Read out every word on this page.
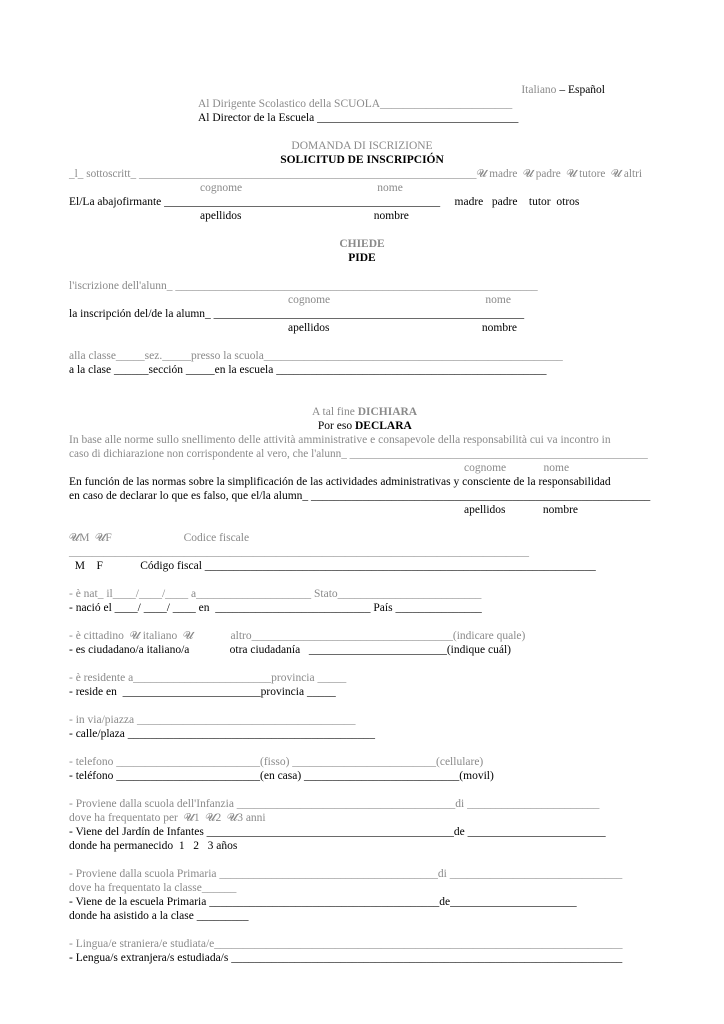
Italiano – Español

Al Dirigente Scolastico della SCUOLA_______________________
Al Director de la Escuela ___________________________________
DOMANDA DI ISCRIZIONE
SOLICITUD DE INSCRIPCIÓN
_l_ sottoscritt_ ____________________________________________________________𝓤 madre  𝓤 padre  𝓤 tutore  𝓤 altri
cognome                                               nome
El/La abajofirmante ________________________________________________     madre   padre    tutor  otros
apellidos                                              nombre
CHIEDE
PIDE
l'iscrizione dell'alunn_ _______________________________________________________________
cognome                                                      nome
la inscripción del/de la alumn_ ______________________________________________________
apellidos                                                     nombre
alla classe_____sez._____presso la scuola____________________________________________________
a la clase ______sección _____en la escuela _______________________________________________

A tal fine DICHIARA

Por eso DECLARA

In base alle norme sullo snellimento delle attività amministrative e consapevole della responsabilità cui va incontro in
caso di dichiarazione non corrispondente al vero, che l'alunn_ _____________________________________________________
cognome             nome
En función de las normas sobre la simplificación de las actividades administrativas y consciente de la responsabilidad
en caso de declarar lo que es falso, que el/la alumn_ ___________________________________________________________
apellidos             nombre
𝓤M  𝓤F                         Codice fiscale
________________________________________________________________________________
M    F             Código fiscal ____________________________________________________________________
- è nat_ il____/____/____ a____________________ Stato_________________________
- nació el ____/ ____/ ____ en  ___________________________ País _______________
- è cittadino  𝓤 italiano  𝓤             altro___________________________________(indicare quale)
- es ciudadano/a italiano/a              otra ciudadanía   ________________________(indique cuál)
- è residente a________________________provincia _____
- reside en  ________________________provincia _____
- in via/piazza ______________________________________
- calle/plaza ___________________________________________
- telefono _________________________(fisso) _________________________(cellulare)
- teléfono _________________________(en casa) ___________________________(movil)
- Proviene dalla scuola dell'Infanzia ______________________________________di _______________________
dove ha frequentato per  𝓤1  𝓤2  𝓤3 anni
- Viene del Jardín de Infantes ___________________________________________de ________________________
donde ha permanecido  1   2   3 años
- Proviene dalla scuola Primaria ______________________________________di ______________________________
dove ha frequentato la classe______
- Viene de la escuela Primaria ________________________________________de______________________
donde ha asistido a la clase _________
- Lingua/e straniera/e studiata/e_______________________________________________________________________
- Lengua/s extranjera/s estudiada/s ____________________________________________________________________
